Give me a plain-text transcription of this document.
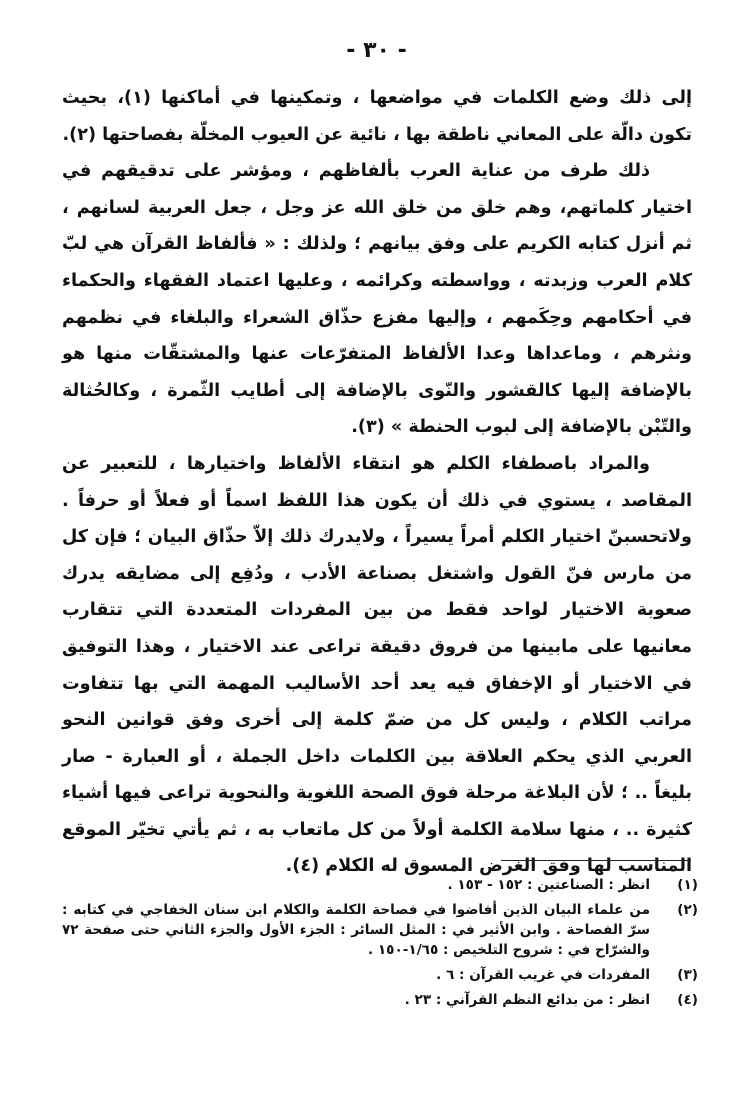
- ٣٠ -

إلى ذلك وضع الكلمات في مواضعها ، وتمكينها في أماكنها (١)، بحيث تكون دالّة على المعاني ناطقة بها ، نائية عن العيوب المخلّة بفصاحتها (٢).

ذلك طرف من عناية العرب بألفاظهم ، ومؤشر على تدقيقهم في اختيار كلماتهم، وهم خلق من خلق الله عز وجل ، جعل العربية لسانهم ، ثم أنزل كتابه الكريم على وفق بيانهم ؛ ولذلك : « فألفاظ القرآن هي لبّ كلام العرب وزبدته ، وواسطته وكرائمه ، وعليها اعتماد الفقهاء والحكماء في أحكامهم وحِكَمهم ، وإليها مفزع حذّاق الشعراء والبلغاء في نظمهم ونثرهم ، وماعداها وعدا الألفاظ المتفرّعات عنها والمشتقّات منها هو بالإضافة إليها كالقشور والنّوى بالإضافة إلى أطايب الثّمرة ، وكالحُثالة والتّبْن بالإضافة إلى لبوب الحنطة » (٣).

والمراد باصطفاء الكلم هو انتقاء الألفاظ واختيارها ، للتعبير عن المقاصد ، يستوي في ذلك أن يكون هذا اللفظ اسماً أو فعلاً أو حرفاً . ولاتحسبنّ اختيار الكلم أمراً يسيراً ، ولايدرك ذلك إلاّ حذّاق البيان ؛ فإن كل من مارس فنّ القول واشتغل بصناعة الأدب ، ودُفِع إلى مضايقه يدرك صعوبة الاختيار لواحد فقط من بين المفردات المتعددة التي تتقارب معانيها على مابينها من فروق دقيقة تراعى عند الاختيار ، وهذا التوفيق في الاختيار أو الإخفاق فيه يعد أحد الأساليب المهمة التي بها تتفاوت مراتب الكلام ، وليس كل من ضمّ كلمة إلى أخرى وفق قوانين النحو العربي الذي يحكم العلاقة بين الكلمات داخل الجملة ، أو العبارة - صار بليغاً .. ؛ لأن البلاغة مرحلة فوق الصحة اللغوية والنحوية تراعى فيها أشياء كثيرة .. ، منها سلامة الكلمة أولاً من كل ماتعاب به ، ثم يأتي تخيّر الموقع المناسب لها وفق الغرض المسوق له الكلام (٤).

(١)
انظر : الصناعتين : ١٥٢ - ١٥٣ .
(٢)
من علماء البيان الذين أفاضوا في فصاحة الكلمة والكلام ابن سنان الخفاجي في كتابه : سرّ الفصاحة . وابن الأثير في : المثل السائر : الجزء الأول والجزء الثاني حتى صفحة ٧٢ والشرّاح في : شروح التلخيص : ١/٦٥-١٥٠ .
(٣)
المفردات في غريب القرآن : ٦ .
(٤)
انظر : من بدائع النظم القرآني : ٢٣ .
